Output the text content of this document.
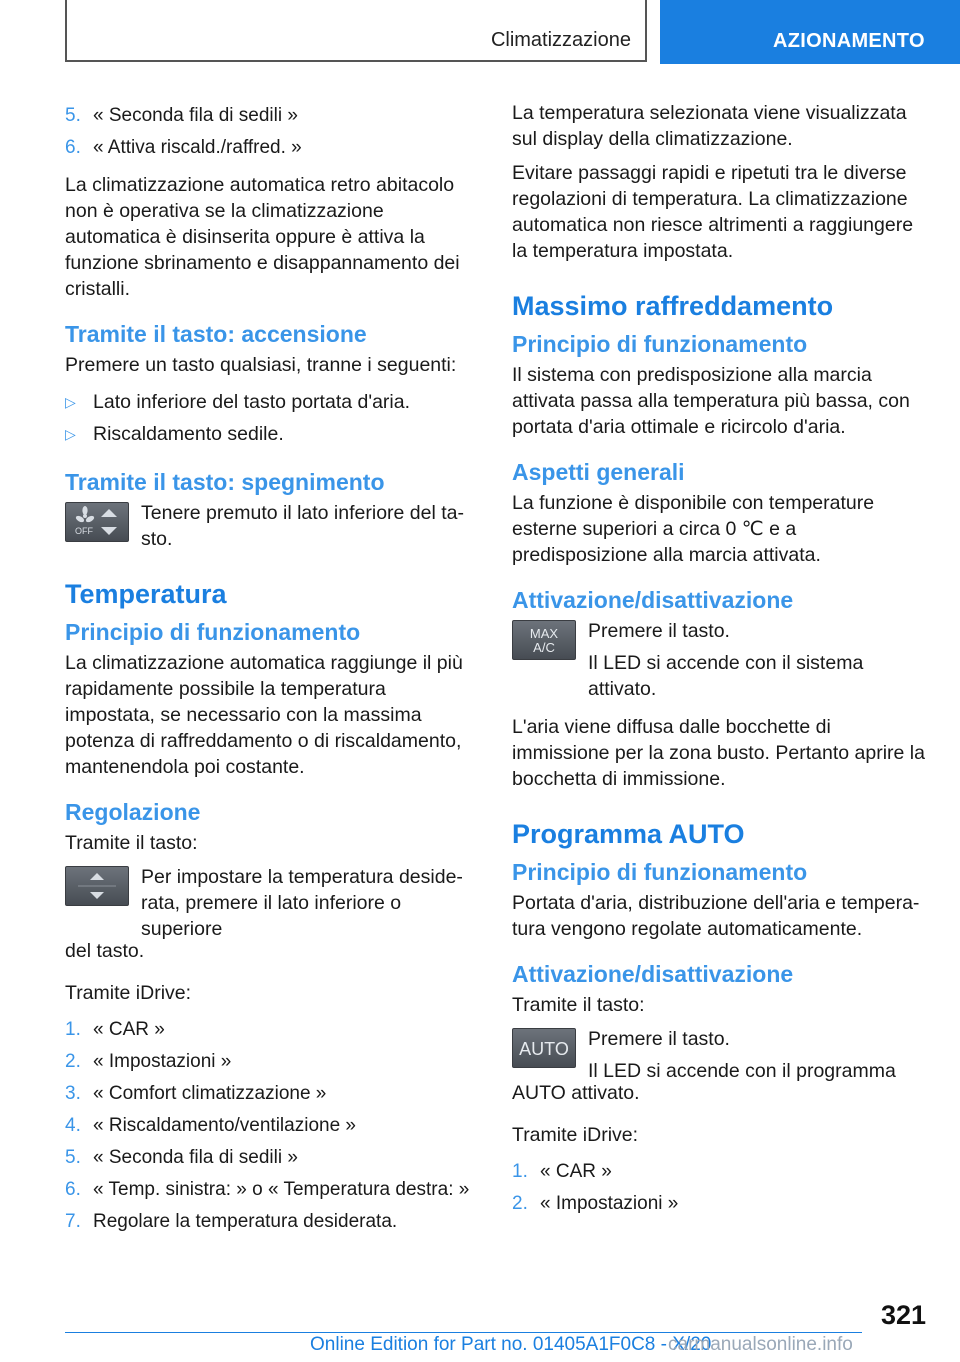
Climatizzazione	AZIONAMENTO
5. « Seconda fila di sedili »
6. « Attiva riscald./raffred. »

La climatizzazione automatica retro abitacolo non è operativa se la climatizzazione automatica è disinserita oppure è attiva la funzione sbrinamento e disappannamento dei cristalli.

Tramite il tasto: accensione

Premere un tasto qualsiasi, tranne i seguenti:

▷ Lato inferiore del tasto portata d'aria.
▷ Riscaldamento sedile.
Tramite il tasto: spegnimento
OFF

Tenere premuto il lato inferiore del tasto.

Temperatura
Principio di funzionamento

La climatizzazione automatica raggiunge il più rapidamente possibile la temperatura impostata, se necessario con la massima potenza di raffreddamento o di riscaldamento, mantenendola poi costante.

Regolazione

Tramite il tasto:

Per impostare la temperatura desiderata, premere il lato inferiore o superiore

del tasto.

Tramite iDrive:

1. « CAR »
2. « Impostazioni »
3. « Comfort climatizzazione »
4. « Riscaldamento/ventilazione »
5. « Seconda fila di sedili »
6. « Temp. sinistra: » o « Temperatura destra: »
7. Regolare la temperatura desiderata.

La temperatura selezionata viene visualizzata sul display della climatizzazione.

Evitare passaggi rapidi e ripetuti tra le diverse regolazioni di temperatura. La climatizzazione automatica non riesce altrimenti a raggiungere la temperatura impostata.

Massimo raffreddamento
Principio di funzionamento

Il sistema con predisposizione alla marcia attivata passa alla temperatura più bassa, con portata d'aria ottimale e ricircolo d'aria.

Aspetti generali

La funzione è disponibile con temperature esterne superiori a circa 0 ℃ e a predisposizione alla marcia attivata.

Attivazione/disattivazione
MAX
A/C

Premere il tasto.

Il LED si accende con il sistema attivato.

L'aria viene diffusa dalle bocchette di immissione per la zona busto. Pertanto aprire la bocchetta di immissione.

Programma AUTO
Principio di funzionamento

Portata d'aria, distribuzione dell'aria e temperatura vengono regolate automaticamente.

Attivazione/disattivazione

Tramite il tasto:

AUTO Premere il tasto.

Il LED si accende con il programma

AUTO attivato.

Tramite iDrive:

1. « CAR »
2. « Impostazioni »
321
Online Edition for Part no. 01405A1F0C8 - X/20
carmanualsonline.info
